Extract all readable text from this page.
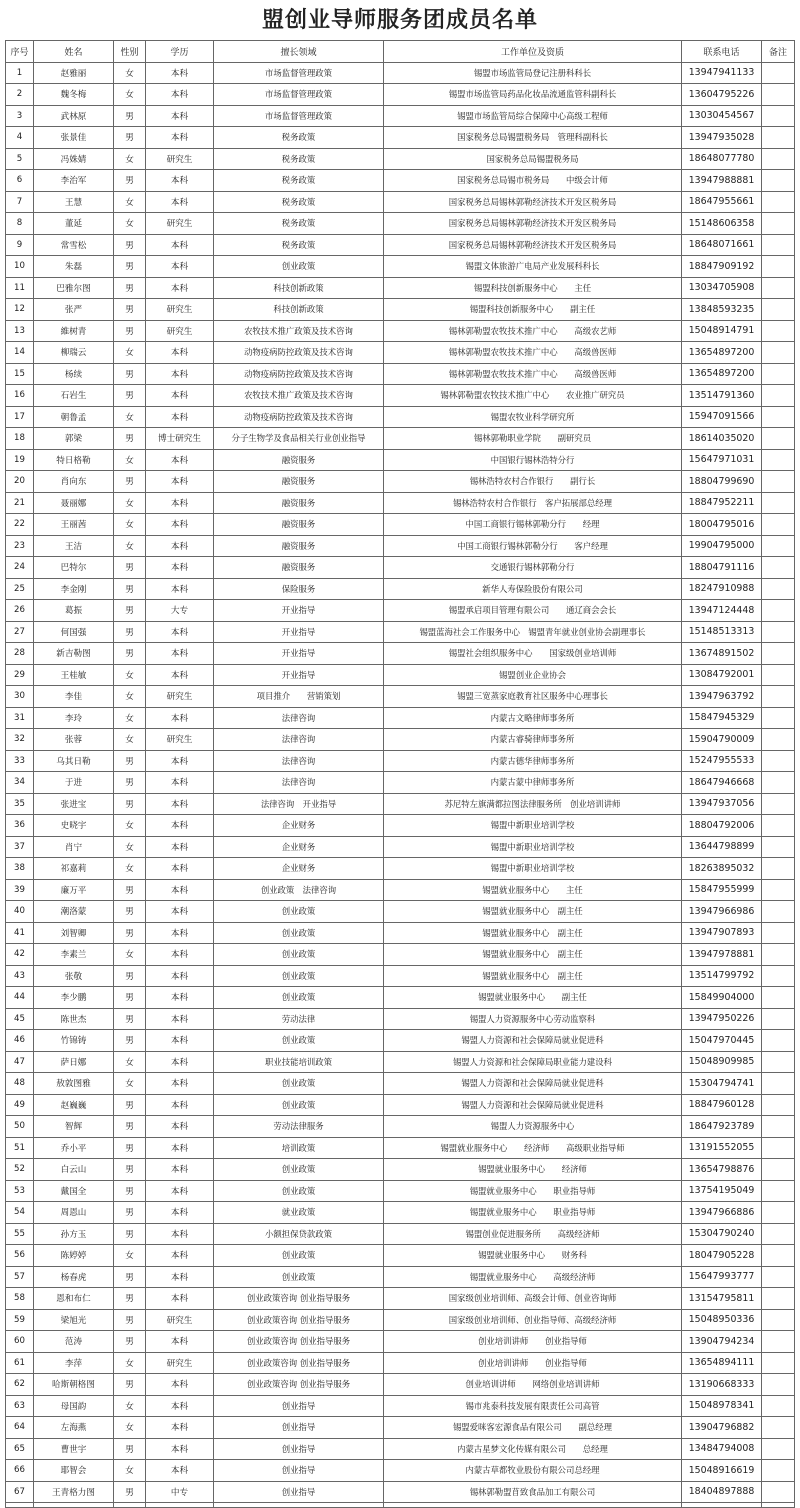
盟创业导师服务团成员名单
序号	姓名	性别	学历	擅长领域	工作单位及资质	联系电话	备注
1	赵雅丽	女	本科	市场监督管理政策	锡盟市场监管局登记注册科科长	13947941133	
2	魏冬梅	女	本科	市场监督管理政策	锡盟市场监管局药品化妆品流通监管科副科长	13604795226	
3	武林原	男	本科	市场监督管理政策	锡盟市场监管局综合保障中心高级工程师	13030454567	
4	张景佳	男	本科	税务政策	国家税务总局锡盟税务局　管理科副科长	13947935028	
5	冯姝婧	女	研究生	税务政策	国家税务总局锡盟税务局	18648077780	
6	李治军	男	本科	税务政策	国家税务总局锡市税务局　　中级会计师	13947988881	
7	王慧	女	本科	税务政策	国家税务总局锡林郭勒经济技术开发区税务局	18647955661	
8	董延	女	研究生	税务政策	国家税务总局锡林郭勒经济技术开发区税务局	15148606358	
9	常雪松	男	本科	税务政策	国家税务总局锡林郭勒经济技术开发区税务局	18648071661	
10	朱磊	男	本科	创业政策	锡盟文体旅游广电局产业发展科科长	18847909192	
11	巴雅尔图	男	本科	科技创新政策	锡盟科技创新服务中心　　主任	13034705908	
12	张严	男	研究生	科技创新政策	锡盟科技创新服务中心　　副主任	13848593235	
13	維树青	男	研究生	农牧技术推广政策及技术咨询	锡林郭勒盟农牧技术推广中心　　高级农艺师	15048914791	
14	柳瑞云	女	本科	动物疫病防控政策及技术咨询	锡林郭勒盟农牧技术推广中心　　高级兽医师	13654897200	
15	杨续	男	本科	动物疫病防控政策及技术咨询	锡林郭勒盟农牧技术推广中心　　高级兽医师	13654897200	
16	石岩生	男	本科	农牧技术推广政策及技术咨询	锡林郭勒盟农牧技术推广中心　　农业推广研究员	13514791360	
17	朝鲁孟	女	本科	动物疫病防控政策及技术咨询	锡盟农牧业科学研究所	15947091566	
18	郭梁	男	博士研究生	分子生物学及食品相关行业创业指导	锡林郭勒职业学院　　副研究员	18614035020	
19	特日格勒	女	本科	融资服务	中国银行锡林浩特分行	15647971031	
20	肖向东	男	本科	融资服务	锡林浩特农村合作银行　　副行长	18804799690	
21	聂丽娜	女	本科	融资服务	锡林浩特农村合作银行　客户拓展部总经理	18847952211	
22	王丽茜	女	本科	融资服务	中国工商银行锡林郭勒分行　　经理	18004795016	
23	王洁	女	本科	融资服务	中国工商银行锡林郭勒分行　　客户经理	19904795000	
24	巴特尔	男	本科	融资服务	交通银行锡林郭勒分行	18804791116	
25	李金刚	男	本科	保险服务	新华人寿保险股份有限公司	18247910988	
26	葛振	男	大专	开业指导	锡盟承启项目管理有限公司　　通辽商会会长	13947124448	
27	何国强	男	本科	开业指导	锡盟蓝海社会工作服务中心　锡盟青年就业创业协会副理事长	15148513313	
28	新吉勒图	男	本科	开业指导	锡盟社会组织服务中心　　国家级创业培训师	13674891502	
29	王桂敏	女	本科	开业指导	锡盟创业企业协会	13084792001	
30	李佳	女	研究生	项目推介　　营销策划	锡盟三宽蒸家庭教育社区服务中心理事长	13947963792	
31	李玲	女	本科	法律咨询	内蒙古文略律师事务所	15847945329	
32	张蓉	女	研究生	法律咨询	内蒙古睿骑律师事务所	15904790009	
33	乌其日勒	男	本科	法律咨询	内蒙古德华律师事务所	15247955533	
34	于进	男	本科	法律咨询	内蒙古蒙中律师事务所	18647946668	
35	张进宝	男	本科	法律咨询　开业指导	苏尼特左旗满都拉图法律服务所　创业培训讲师	13947937056	
36	史晓宇	女	本科	企业财务	锡盟中新职业培训学校	18804792006	
37	肖宁	女	本科	企业财务	锡盟中新职业培训学校	13644798899	
38	祁嘉莉	女	本科	企业财务	锡盟中新职业培训学校	18263895032	
39	廉万平	男	本科	创业政策　法律咨询	锡盟就业服务中心　　主任	15847955999	
40	潮洛蒙	男	本科	创业政策	锡盟就业服务中心　副主任	13947966986	
41	刘智卿	男	本科	创业政策	锡盟就业服务中心　副主任	13947907893	
42	李素兰	女	本科	创业政策	锡盟就业服务中心　副主任	13947978881	
43	张敬	男	本科	创业政策	锡盟就业服务中心　副主任	13514799792	
44	李少鹏	男	本科	创业政策	锡盟就业服务中心　　副主任	15849904000	
45	陈世杰	男	本科	劳动法律	锡盟人力资源服务中心劳动监察科	13947950226	
46	竹锦铸	男	本科	创业政策	锡盟人力资源和社会保障局就业促进科	15047970445	
47	萨日娜	女	本科	职业技能培训政策	锡盟人力资源和社会保障局职业能力建设科	15048909985	
48	敖敦图雅	女	本科	创业政策	锡盟人力资源和社会保障局就业促进科	15304794741	
49	赵巍巍	男	本科	创业政策	锡盟人力资源和社会保障局就业促进科	18847960128	
50	智辉	男	本科	劳动法律服务	锡盟人力资源服务中心	18647923789	
51	乔小平	男	本科	培训政策	锡盟就业服务中心　　经济师　　高级职业指导师	13191552055	
52	白云山	男	本科	创业政策	锡盟就业服务中心　　经济师	13654798876	
53	戴国全	男	本科	创业政策	锡盟就业服务中心　　职业指导师	13754195049	
54	周恩山	男	本科	就业政策	锡盟就业服务中心　　职业指导师	13947966886	
55	孙方玉	男	本科	小额担保贷款政策	锡盟创业促进服务所　　高级经济师	15304790240	
56	陈婷婷	女	本科	创业政策	锡盟就业服务中心　　财务科	18047905228	
57	杨春虎	男	本科	创业政策	锡盟就业服务中心　　高级经济师	15647993777	
58	恩和布仁	男	本科	创业政策咨询 创业指导服务	国家级创业培训师、高级会计师、创业咨询师	13154795811	
59	梁旭光	男	研究生	创业政策咨询 创业指导服务	国家级创业培训师、创业指导师、高级经济师	15048950336	
60	范涛	男	本科	创业政策咨询 创业指导服务	创业培训讲师　　创业指导师	13904794234	
61	李萍	女	研究生	创业政策咨询 创业指导服务	创业培训讲师　　创业指导师	13654894111	
62	哈斯朝格图	男	本科	创业政策咨询 创业指导服务	创业培训讲师　　网络创业培训讲师	13190668333	
63	母国韵	女	本科	创业指导	锡市兆泰科技发展有限责任公司高管	15048978341	
64	左海燕	女	本科	创业指导	锡盟爱咪客宏源食品有限公司　　副总经理	13904796882	
65	曹世宇	男	本科	创业指导	内蒙古星梦文化传媒有限公司　　总经理	13484794008	
66	耶智会	女	本科	创业指导	内蒙古草都牧业股份有限公司总经理	15048916619	
67	王青格力图	男	中专	创业指导	锡林郭勒盟苜致食品加工有限公司	18404897888	
